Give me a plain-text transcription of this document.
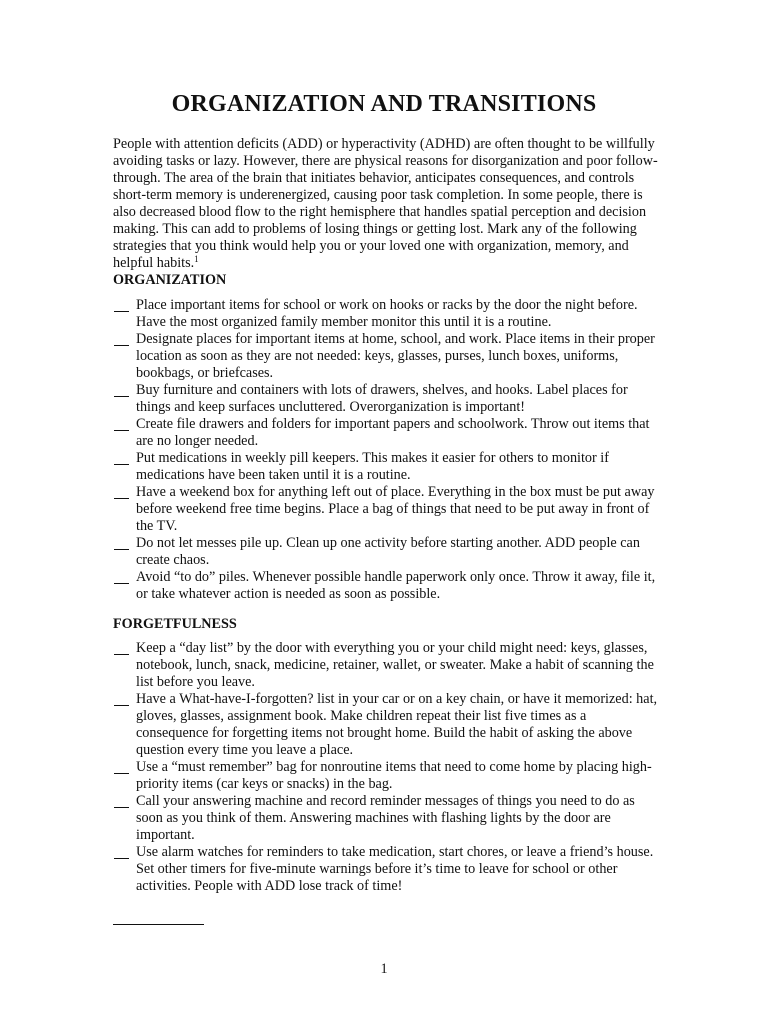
ORGANIZATION AND TRANSITIONS

People with attention deficits (ADD) or hyperactivity (ADHD) are often thought to be willfully avoiding tasks or lazy. However, there are physical reasons for disorganization and poor follow-through. The area of the brain that initiates behavior, anticipates consequences, and controls short-term memory is underenergized, causing poor task completion. In some people, there is also decreased blood flow to the right hemisphere that handles spatial perception and decision making. This can add to problems of losing things or getting lost. Mark any of the following strategies that you think would help you or your loved one with organization, memory, and helpful habits.$^1$

ORGANIZATION
Place important items for school or work on hooks or racks by the door the night before. Have the most organized family member monitor this until it is a routine.
Designate places for important items at home, school, and work. Place items in their proper location as soon as they are not needed: keys, glasses, purses, lunch boxes, uniforms, bookbags, or briefcases.
Buy furniture and containers with lots of drawers, shelves, and hooks. Label places for things and keep surfaces uncluttered. Overorganization is important!
Create file drawers and folders for important papers and schoolwork. Throw out items that are no longer needed.
Put medications in weekly pill keepers. This makes it easier for others to monitor if medications have been taken until it is a routine.
Have a weekend box for anything left out of place. Everything in the box must be put away before weekend free time begins. Place a bag of things that need to be put away in front of the TV.
Do not let messes pile up. Clean up one activity before starting another. ADD people can create chaos.
Avoid “to do” piles. Whenever possible handle paperwork only once. Throw it away, file it, or take whatever action is needed as soon as possible.
FORGETFULNESS
Keep a “day list” by the door with everything you or your child might need: keys, glasses, notebook, lunch, snack, medicine, retainer, wallet, or sweater. Make a habit of scanning the list before you leave.
Have a What-have-I-forgotten? list in your car or on a key chain, or have it memorized: hat, gloves, glasses, assignment book. Make children repeat their list five times as a consequence for forgetting items not brought home. Build the habit of asking the above question every time you leave a place.
Use a “must remember” bag for nonroutine items that need to come home by placing high-priority items (car keys or snacks) in the bag.
Call your answering machine and record reminder messages of things you need to do as soon as you think of them. Answering machines with flashing lights by the door are important.
Use alarm watches for reminders to take medication, start chores, or leave a friend’s house. Set other timers for five-minute warnings before it’s time to leave for school or other activities. People with ADD lose track of time!
1
